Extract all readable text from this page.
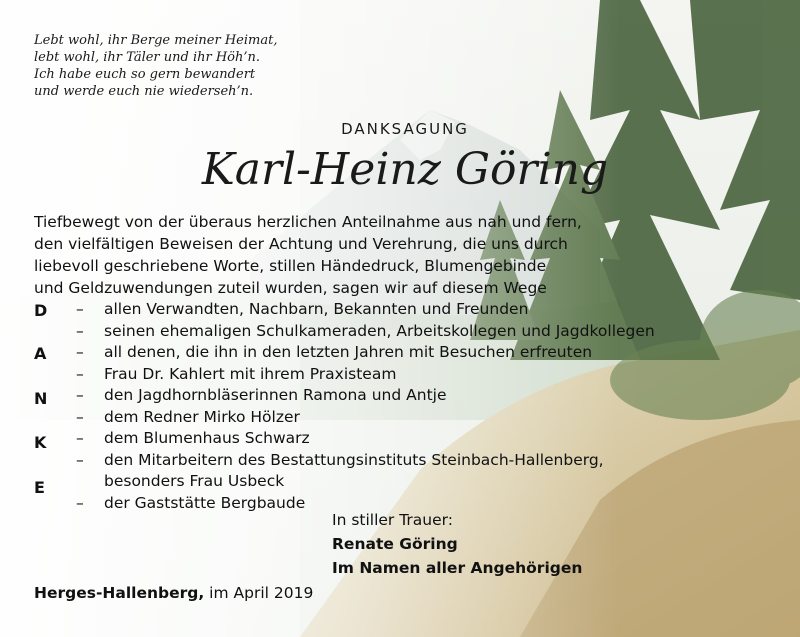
Lebt wohl, ihr Berge meiner Heimat,
lebt wohl, ihr Täler und ihr Höh’n.
Ich habe euch so gern bewandert
und werde euch nie wiederseh’n.
DANKSAGUNG
Karl-Heinz Göring
Tiefbewegt von der überaus herzlichen Anteilnahme aus nah und fern,
den vielfältigen Beweisen der Achtung und Verehrung, die uns durch
liebevoll geschriebene Worte, stillen Händedruck, Blumengebinde
und Geldzuwendungen zuteil wurden, sagen wir auf diesem Wege
D
A
N
K
E
– allen Verwandten, Nachbarn, Bekannten und Freunden
– seinen ehemaligen Schulkameraden, Arbeitskollegen und Jagdkollegen
– all denen, die ihn in den letzten Jahren mit Besuchen erfreuten
– Frau Dr. Kahlert mit ihrem Praxisteam
– den Jagdhornbläserinnen Ramona und Antje
– dem Redner Mirko Hölzer
– dem Blumenhaus Schwarz
– den Mitarbeitern des Bestattungsinstituts Steinbach-Hallenberg,
besonders Frau Usbeck
– der Gaststätte Bergbaude
In stiller Trauer:
Renate Göring
Im Namen aller Angehörigen
Herges-Hallenberg, im April 2019
